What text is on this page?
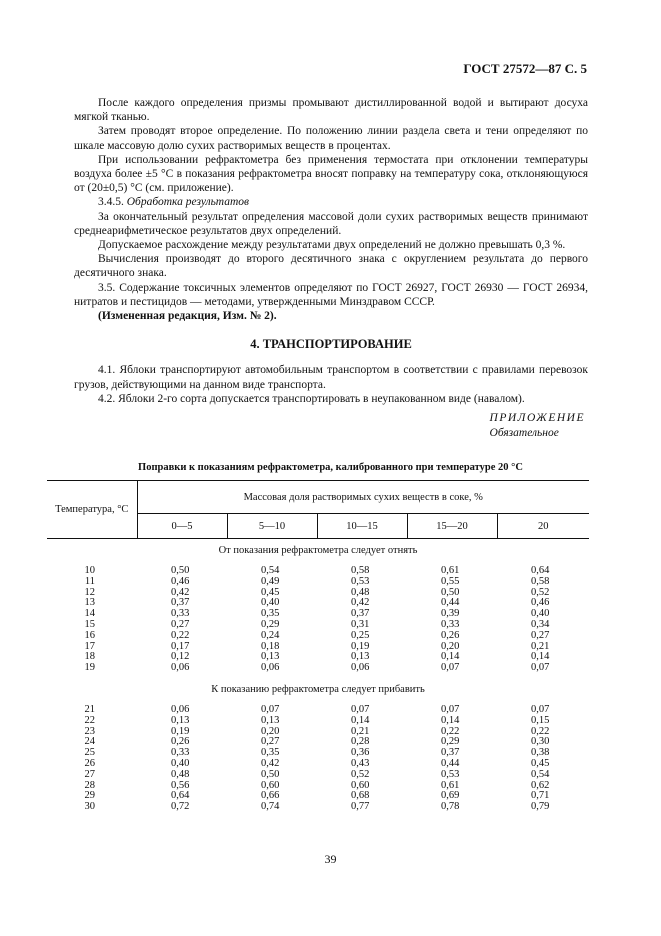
ГОСТ 27572—87 С. 5

После каждого определения призмы промывают дистиллированной водой и вытирают досуха мягкой тканью.

Затем проводят второе определение. По положению линии раздела света и тени определяют по шкале массовую долю сухих растворимых веществ в процентах.

При использовании рефрактометра без применения термостата при отклонении температуры воздуха более ±5 °С в показания рефрактометра вносят поправку на температуру сока, отклоняющуюся от (20±0,5) °С (см. приложение).

3.4.5. Обработка результатов

За окончательный результат определения массовой доли сухих растворимых веществ принимают среднеарифметическое результатов двух определений.

Допускаемое расхождение между результатами двух определений не должно превышать 0,3 %.

Вычисления производят до второго десятичного знака с округлением результата до первого десятичного знака.

3.5. Содержание токсичных элементов определяют по ГОСТ 26927, ГОСТ 26930 — ГОСТ 26934, нитратов и пестицидов — методами, утвержденными Минздравом СССР.

(Измененная редакция, Изм. № 2).

4. ТРАНСПОРТИРОВАНИЕ

4.1. Яблоки транспортируют автомобильным транспортом в соответствии с правилами перевозок грузов, действующими на данном виде транспорта.

4.2. Яблоки 2-го сорта допускается транспортировать в неупакованном виде (навалом).

ПРИЛОЖЕНИЕ
Обязательное
Поправки к показаниям рефрактометра, калиброванного при температуре 20 °С
Температура, °С	Массовая доля растворимых сухих веществ в соке, %				
	0—5	5—10	10—15	15—20	20
От показания рефрактометра следует отнять					
10	0,50	0,54	0,58	0,61	0,64
11	0,46	0,49	0,53	0,55	0,58
12	0,42	0,45	0,48	0,50	0,52
13	0,37	0,40	0,42	0,44	0,46
14	0,33	0,35	0,37	0,39	0,40
15	0,27	0,29	0,31	0,33	0,34
16	0,22	0,24	0,25	0,26	0,27
17	0,17	0,18	0,19	0,20	0,21
18	0,12	0,13	0,13	0,14	0,14
19	0,06	0,06	0,06	0,07	0,07
К показанию рефрактометра следует прибавить					
21	0,06	0,07	0,07	0,07	0,07
22	0,13	0,13	0,14	0,14	0,15
23	0,19	0,20	0,21	0,22	0,22
24	0,26	0,27	0,28	0,29	0,30
25	0,33	0,35	0,36	0,37	0,38
26	0,40	0,42	0,43	0,44	0,45
27	0,48	0,50	0,52	0,53	0,54
28	0,56	0,60	0,60	0,61	0,62
29	0,64	0,66	0,68	0,69	0,71
30	0,72	0,74	0,77	0,78	0,79
39
